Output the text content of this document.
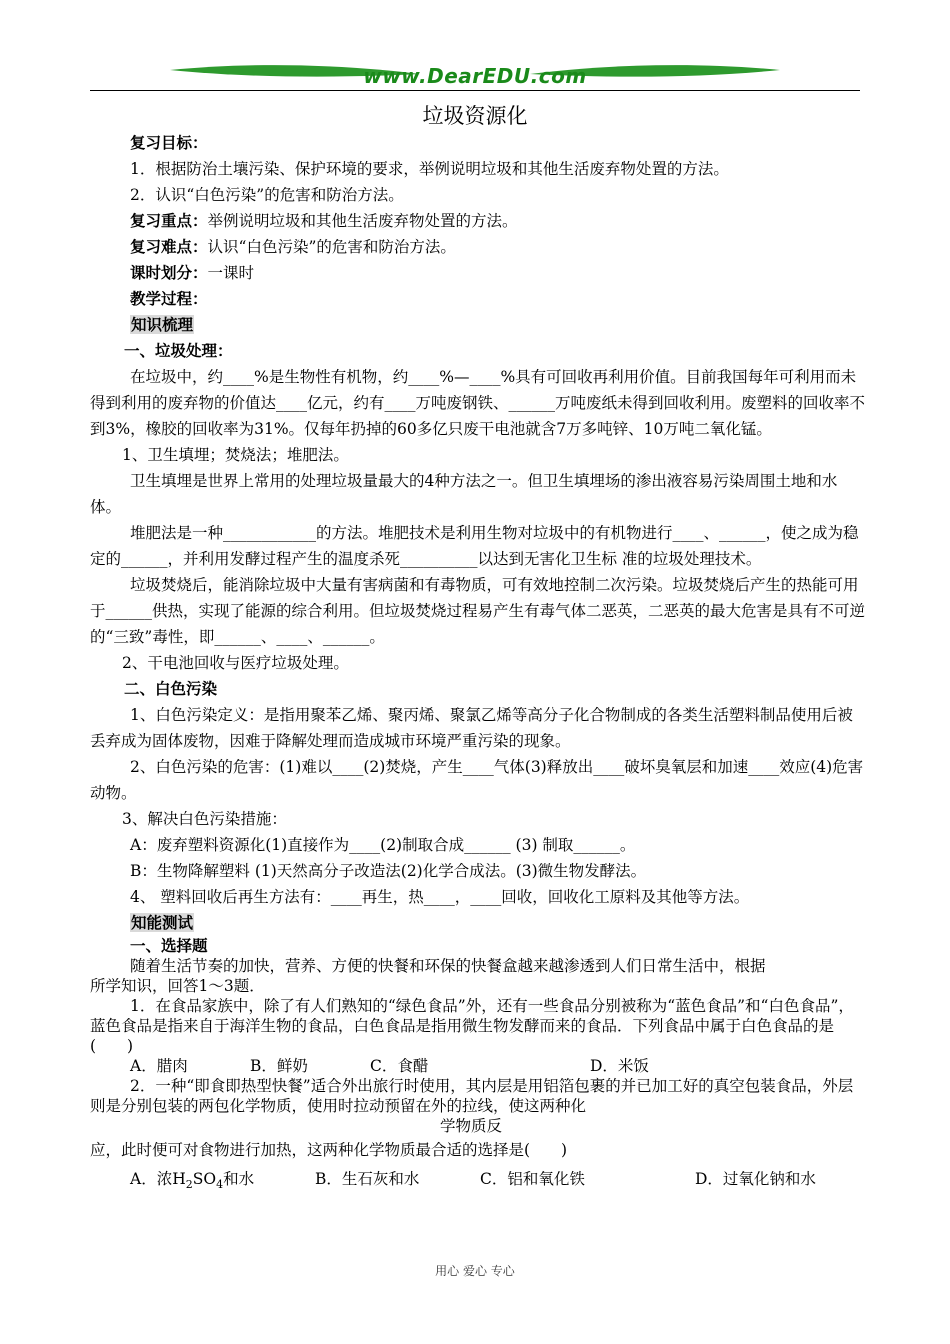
www.DearEDU.com
垃圾资源化

复习目标：

1．根据防治土壤污染、保护环境的要求，举例说明垃圾和其他生活废弃物处置的方法。

2．认识“白色污染”的危害和防治方法。

复习重点：举例说明垃圾和其他生活废弃物处置的方法。

复习难点：认识“白色污染”的危害和防治方法。

课时划分：一课时

教学过程：

知识梳理

一、垃圾处理：

在垃圾中，约____%是生物性有机物，约____%—____%具有可回收再利用价值。目前我国每年可利用而未得到利用的废弃物的价值达____亿元，约有____万吨废钢铁、______万吨废纸未得到回收利用。废塑料的回收率不到3%，橡胶的回收率为31%。仅每年扔掉的60多亿只废干电池就含7万多吨锌、10万吨二氧化锰。

1、卫生填埋；焚烧法；堆肥法。

卫生填埋是世界上常用的处理垃圾量最大的4种方法之一。但卫生填埋场的渗出液容易污染周围土地和水体。

堆肥法是一种____________的方法。堆肥技术是利用生物对垃圾中的有机物进行____、______，使之成为稳定的______，并利用发酵过程产生的温度杀死__________以达到无害化卫生标 准的垃圾处理技术。

垃圾焚烧后，能消除垃圾中大量有害病菌和有毒物质，可有效地控制二次污染。垃圾焚烧后产生的热能可用于______供热，实现了能源的综合利用。但垃圾焚烧过程易产生有毒气体二恶英，二恶英的最大危害是具有不可逆的“三致”毒性，即______、____、______。

2、干电池回收与医疗垃圾处理。

二、白色污染

1、白色污染定义：是指用聚苯乙烯、聚丙烯、聚氯乙烯等高分子化合物制成的各类生活塑料制品使用后被丢弃成为固体废物，因难于降解处理而造成城市环境严重污染的现象。

2、白色污染的危害：(1)难以____(2)焚烧，产生____气体(3)释放出____破坏臭氧层和加速____效应(4)危害动物。

3、解决白色污染措施：

A：废弃塑料资源化(1)直接作为____(2)制取合成______ (3) 制取______。

B：生物降解塑料 (1)天然高分子改造法(2)化学合成法。(3)微生物发酵法。

4、 塑料回收后再生方法有：____再生，热____，____回收，回收化工原料及其他等方法。

知能测试

一、选择题

随着生活节奏的加快，营养、方便的快餐和环保的快餐盒越来越渗透到人们日常生活中，根据

所学知识，回答1～3题．

1．在食品家族中，除了有人们熟知的“绿色食品”外，还有一些食品分别被称为“蓝色食品”和“白色食品”，蓝色食品是指来自于海洋生物的食品，白色食品是指用微生物发酵而来的食品．下列食品中属于白色食品的是(　　)

A．腊肉	B．鲜奶	C．食醋	D．米饭

2．一种“即食即热型快餐”适合外出旅行时使用，其内层是用铝箔包裹的并已加工好的真空包装食品，外层则是分别包装的两包化学物质，使用时拉动预留在外的拉线，使这两种化

学物质反

应，此时便可对食物进行加热，这两种化学物质最合适的选择是(　　)

A．浓$H_2SO_4$和水	B．生石灰和水	C．铝和氧化铁	D．过氧化钠和水
用心 爱心 专心
